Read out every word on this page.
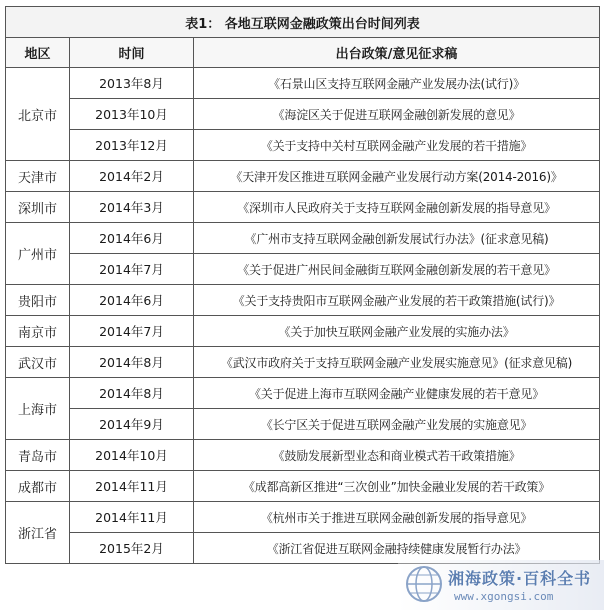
表1： 各地互联网金融政策出台时间列表		
地区	时间	出台政策/意见征求稿
北京市	2013年8月	《石景山区支持互联网金融产业发展办法(试行)》
	2013年10月	《海淀区关于促进互联网金融创新发展的意见》
	2013年12月	《关于支持中关村互联网金融产业发展的若干措施》
天津市	2014年2月	《天津开发区推进互联网金融产业发展行动方案(2014-2016)》
深圳市	2014年3月	《深圳市人民政府关于支持互联网金融创新发展的指导意见》
广州市	2014年6月	《广州市支持互联网金融创新发展试行办法》(征求意见稿)
	2014年7月	《关于促进广州民间金融街互联网金融创新发展的若干意见》
贵阳市	2014年6月	《关于支持贵阳市互联网金融产业发展的若干政策措施(试行)》
南京市	2014年7月	《关于加快互联网金融产业发展的实施办法》
武汉市	2014年8月	《武汉市政府关于支持互联网金融产业发展实施意见》(征求意见稿)
上海市	2014年8月	《关于促进上海市互联网金融产业健康发展的若干意见》
	2014年9月	《长宁区关于促进互联网金融产业发展的实施意见》
青岛市	2014年10月	《鼓励发展新型业态和商业模式若干政策措施》
成都市	2014年11月	《成都高新区推进“三次创业”加快金融业发展的若干政策》
浙江省	2014年11月	《杭州市关于推进互联网金融创新发展的指导意见》
	2015年2月	《浙江省促进互联网金融持续健康发展暂行办法》
湘海政策·百科全书
www.xgongsi.com
